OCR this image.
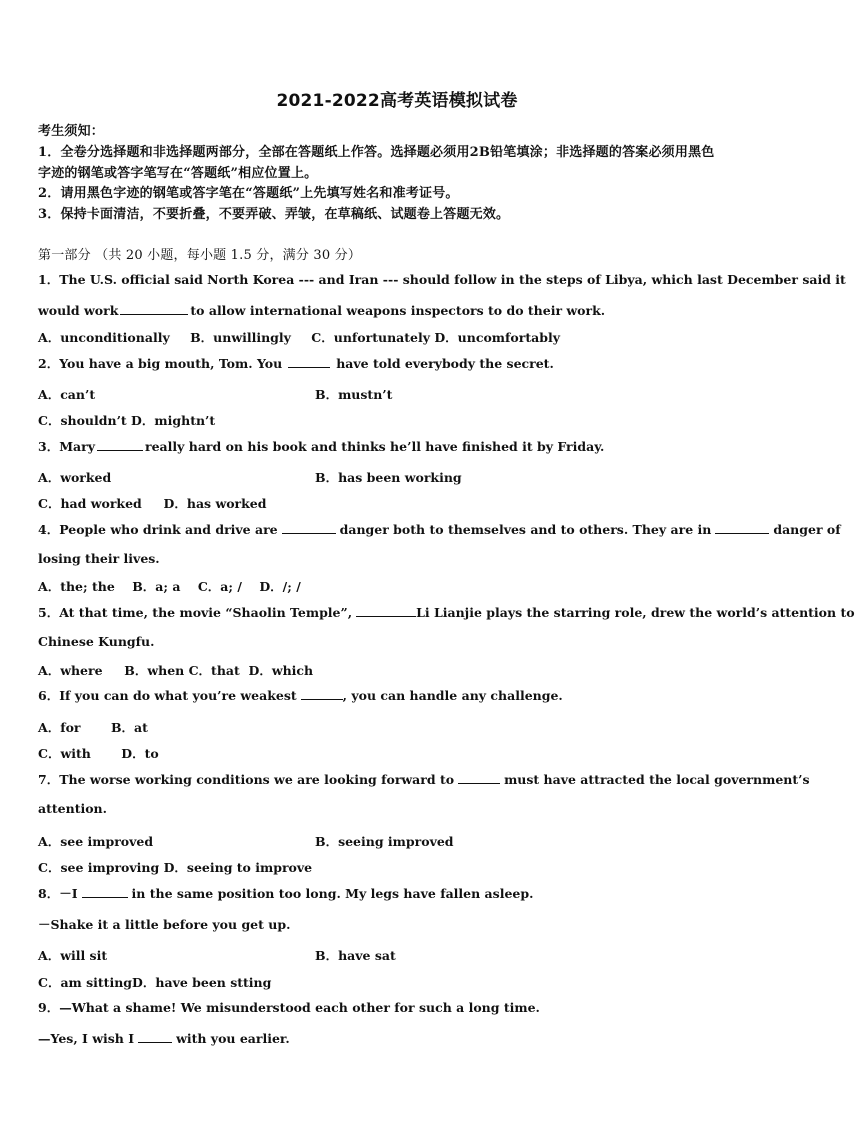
2021-2022高考英语模拟试卷
考生须知：
1．全卷分选择题和非选择题两部分，全部在答题纸上作答。选择题必须用2B铅笔填涂；非选择题的答案必须用黑色
字迹的钢笔或答字笔写在“答题纸”相应位置上。
2．请用黑色字迹的钢笔或答字笔在“答题纸”上先填写姓名和准考证号。
3．保持卡面清洁，不要折叠，不要弄破、弄皱，在草稿纸、试题卷上答题无效。
第一部分 （共 20 小题，每小题 1.5 分，满分 30 分）
1．The U.S. official said North Korea --- and Iran --- should follow in the steps of Libya, which last December said it
would work	to allow international weapons inspectors to do their work.
A．unconditionally B．unwillingly C．unfortunately D．uncomfortably
2．You have a big mouth, Tom. You	have told everybody the secret.
A．can’t	B．mustn’t
C．shouldn’t D．mightn’t
3．Mary	really hard on his book and thinks he’ll have finished it by Friday.
A．worked	B．has been working
C．had worked     D．has worked
4．People who drink and drive are	danger both to themselves and to others. They are in	danger of
losing their lives.
A．the; the    B．a; a    C．a; /    D．/; /
5．At that time, the movie “Shaolin Temple”,	Li Lianjie plays the starring role, drew the world’s attention to
Chinese Kungfu.
A．where     B．when C．that  D．which
6．If you can do what you’re weakest	, you can handle any challenge.
A．for       B．at
C．with       D．to
7．The worse working conditions we are looking forward to	must have attracted the local government’s
attention.
A．see improved	B．seeing improved
C．see improving D．seeing to improve
8．－I	in the same position too long. My legs have fallen asleep.
－Shake it a little before you get up.
A．will sit	B．have sat
C．am sittingD．have been stting
9．—What a shame! We misunderstood each other for such a long time.
—Yes, I wish I	with you earlier.
